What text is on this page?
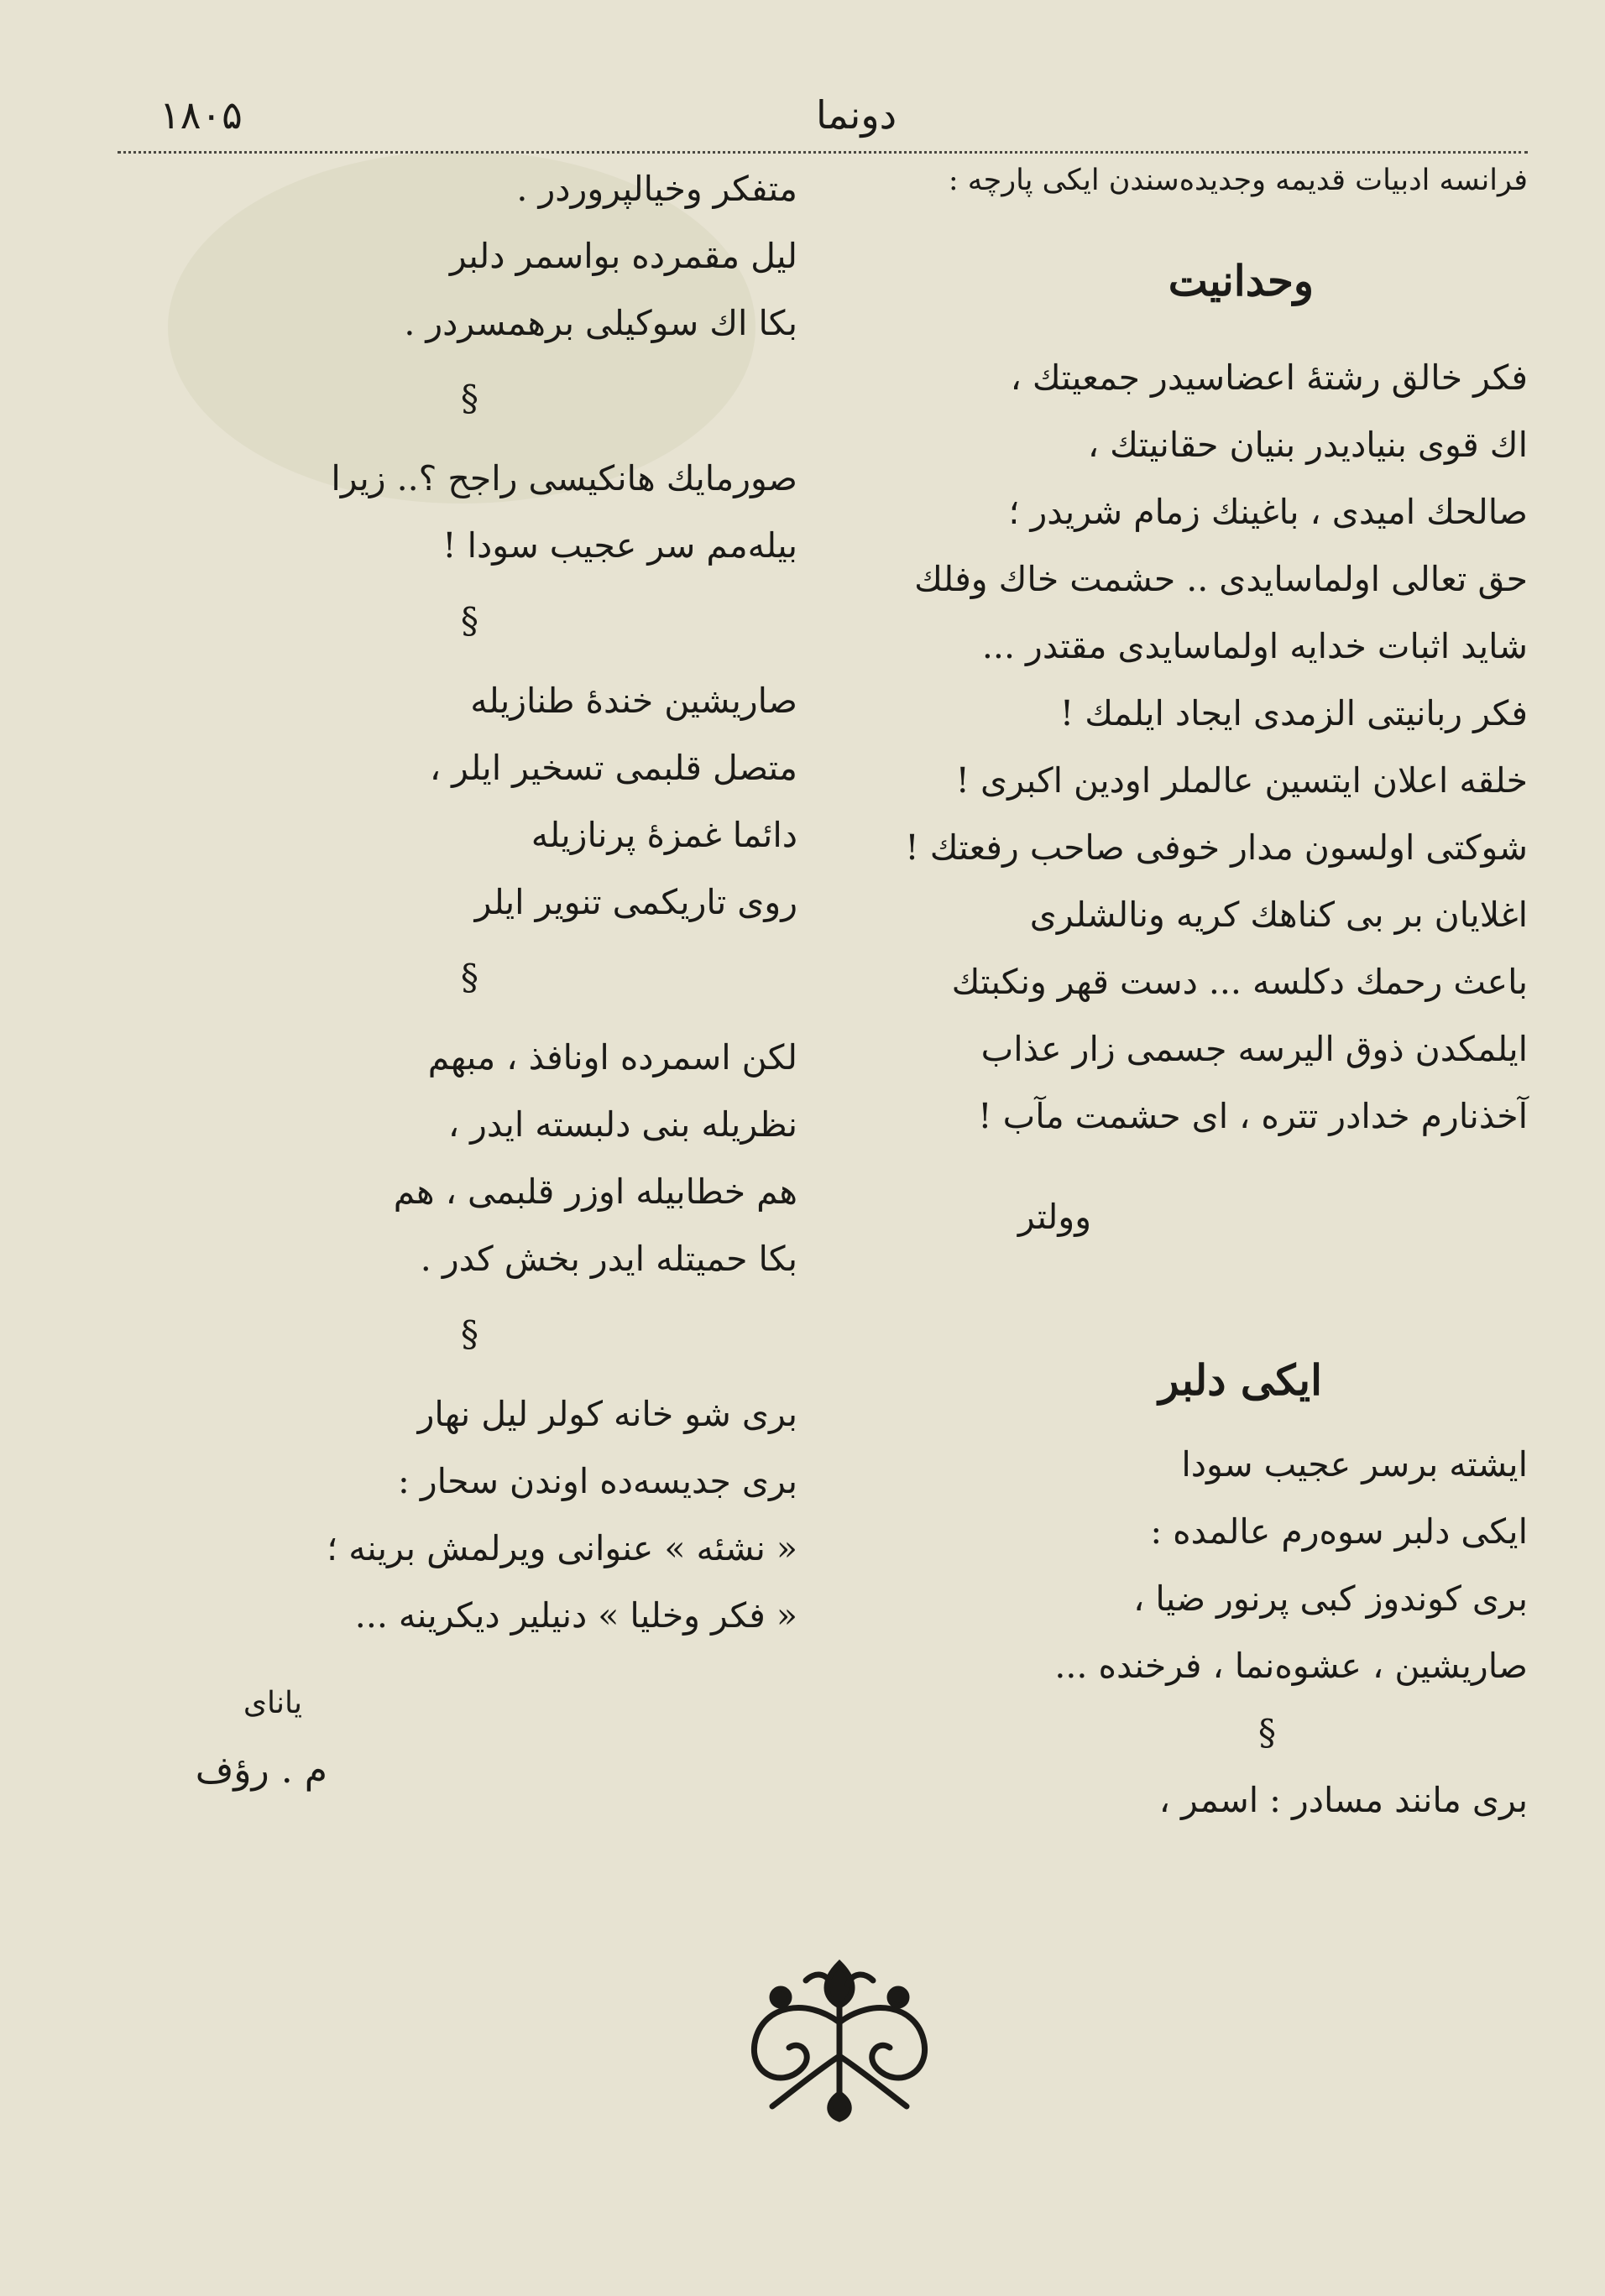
۱۸۰۵	دونما
فرانسه ادبیات قدیمه وجدیده‌سندن ایکی پارچه :
وحدانیت
فکر خالق رشتهٔ اعضاسیدر جمعیتك ،
اك قوی بنیادیدر بنیان حقانیتك ،
صالحك امیدی ، باغینك زمام شریدر ؛
حق تعالی اولماسایدی .. حشمت خاك وفلك
شاید اثبات خدایه اولماسایدی مقتدر ...
فکر ربانیتی الزمدی ایجاد ایلمك !
خلقه اعلان ایتسین عالملر اودین اکبری !
شوکتی اولسون مدار خوفی صاحب رفعتك !
اغلایان بر بی کناهك کریه ونالشلری
باعث رحمك دکلسه ... دست قهر ونکبتك
ایلمکدن ذوق الیرسه جسمی زار عذاب
آخذنارم خدادر تتره ، ای حشمت مآب !
وولتر
ایکی دلبر
ایشته برسر عجیب سودا
ایکی دلبر سوه‌رم عالمده :
بری کوندوز کبی پرنور ضیا ،
صاریشین ، عشوه‌نما ، فرخنده ...
§
بری مانند مسادر : اسمر ،
متفکر وخیالپروردر .
لیل مقمرده بواسمر دلبر
بکا اك سوکیلی برهمسردر .
§
صورمایك هانکیسی راجح ؟.. زیرا
بیله‌مم سر عجیب سودا !
§
صاریشین خندهٔ طنازیله
متصل قلبمی تسخیر ایلر ،
دائما غمزهٔ پرنازیله
روی تاریکمی تنویر ایلر
§
لکن اسمرده اونافذ ، مبهم
نظریله بنی دلبسته ایدر ،
هم خطابیله اوزر قلبمی ، هم
بکا حمیتله ایدر بخش کدر .
§
بری شو خانه کولر لیل نهار
بری جدیسه‌ده اوندن سحار :
« نشئه » عنوانی ویرلمش برینه ؛
« فکر وخلیا » دنیلیر دیکرینه ...
یانای
م . رؤف
